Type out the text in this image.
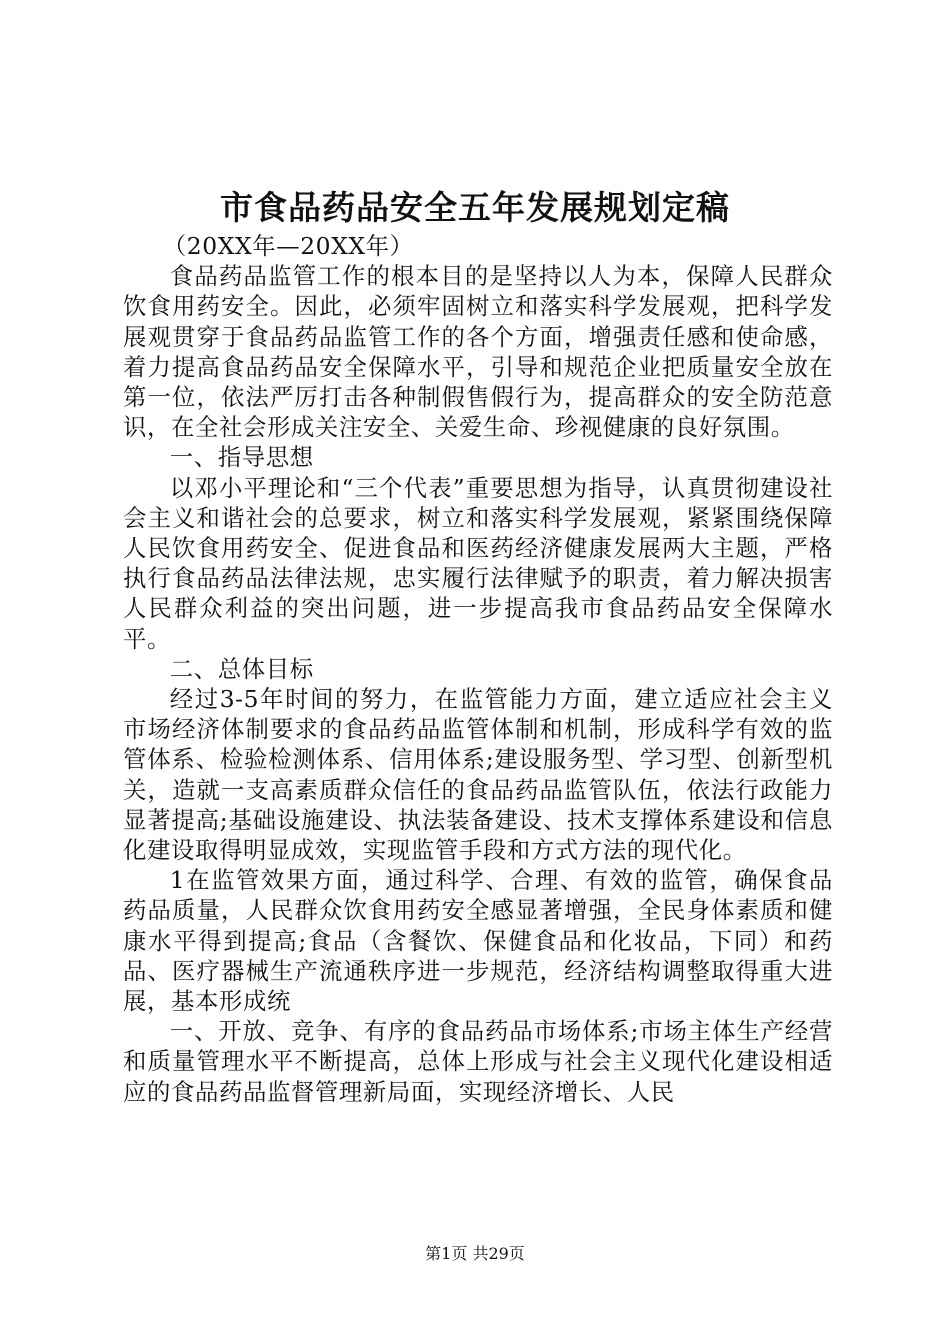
市食品药品安全五年发展规划定稿

（20XX年—20XX年）

食品药品监管工作的根本目的是坚持以人为本，保障人民群众饮食用药安全。因此，必须牢固树立和落实科学发展观，把科学发展观贯穿于食品药品监管工作的各个方面，增强责任感和使命感，着力提高食品药品安全保障水平，引导和规范企业把质量安全放在第一位，依法严厉打击各种制假售假行为，提高群众的安全防范意识，在全社会形成关注安全、关爱生命、珍视健康的良好氛围。

一、指导思想

以邓小平理论和“三个代表”重要思想为指导，认真贯彻建设社会主义和谐社会的总要求，树立和落实科学发展观，紧紧围绕保障人民饮食用药安全、促进食品和医药经济健康发展两大主题，严格执行食品药品法律法规，忠实履行法律赋予的职责，着力解决损害人民群众利益的突出问题，进一步提高我市食品药品安全保障水平。

二、总体目标

经过3-5年时间的努力，在监管能力方面，建立适应社会主义市场经济体制要求的食品药品监管体制和机制，形成科学有效的监管体系、检验检测体系、信用体系;建设服务型、学习型、创新型机关，造就一支高素质群众信任的食品药品监管队伍，依法行政能力显著提高;基础设施建设、执法装备建设、技术支撑体系建设和信息化建设取得明显成效，实现监管手段和方式方法的现代化。

1在监管效果方面，通过科学、合理、有效的监管，确保食品药品质量，人民群众饮食用药安全感显著增强，全民身体素质和健康水平得到提高;食品（含餐饮、保健食品和化妆品，下同）和药品、医疗器械生产流通秩序进一步规范，经济结构调整取得重大进展，基本形成统

一、开放、竞争、有序的食品药品市场体系;市场主体生产经营和质量管理水平不断提高，总体上形成与社会主义现代化建设相适应的食品药品监督管理新局面，实现经济增长、人民

第1页 共29页
